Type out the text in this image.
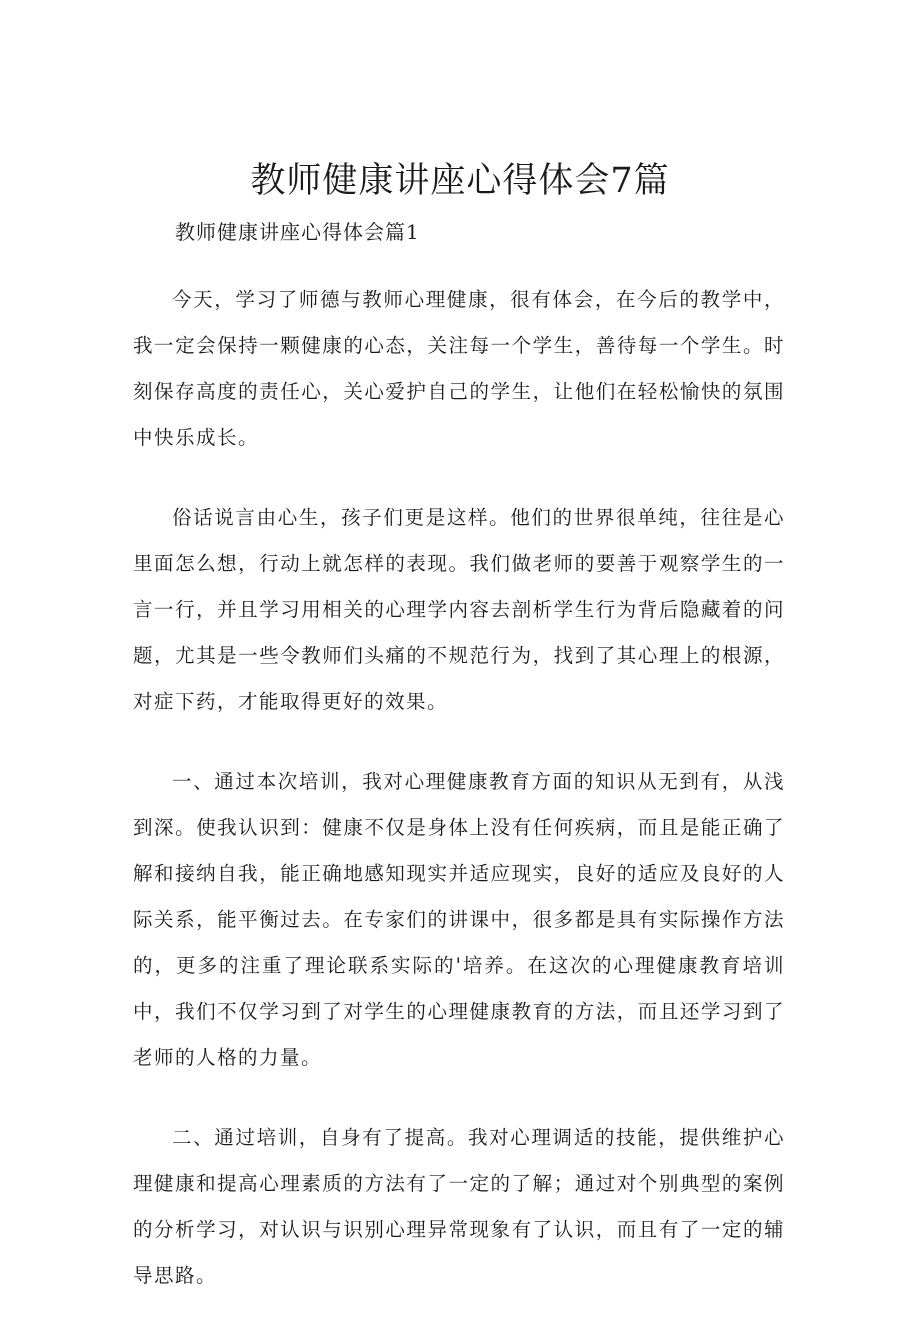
教师健康讲座心得体会7篇

教师健康讲座心得体会篇1

今天，学习了师德与教师心理健康，很有体会，在今后的教学中，我一定会保持一颗健康的心态，关注每一个学生，善待每一个学生。时刻保存高度的责任心，关心爱护自己的学生，让他们在轻松愉快的氛围中快乐成长。

俗话说言由心生，孩子们更是这样。他们的世界很单纯，往往是心里面怎么想，行动上就怎样的表现。我们做老师的要善于观察学生的一言一行，并且学习用相关的心理学内容去剖析学生行为背后隐藏着的问题，尤其是一些令教师们头痛的不规范行为，找到了其心理上的根源，对症下药，才能取得更好的效果。

一、通过本次培训，我对心理健康教育方面的知识从无到有，从浅到深。使我认识到：健康不仅是身体上没有任何疾病，而且是能正确了解和接纳自我，能正确地感知现实并适应现实，良好的适应及良好的人际关系，能平衡过去。在专家们的讲课中，很多都是具有实际操作方法的，更多的注重了理论联系实际的'培养。在这次的心理健康教育培训中，我们不仅学习到了对学生的心理健康教育的方法，而且还学习到了老师的人格的力量。

二、通过培训，自身有了提高。我对心理调适的技能，提供维护心理健康和提高心理素质的方法有了一定的了解；通过对个别典型的案例的分析学习，对认识与识别心理异常现象有了认识，而且有了一定的辅导思路。
